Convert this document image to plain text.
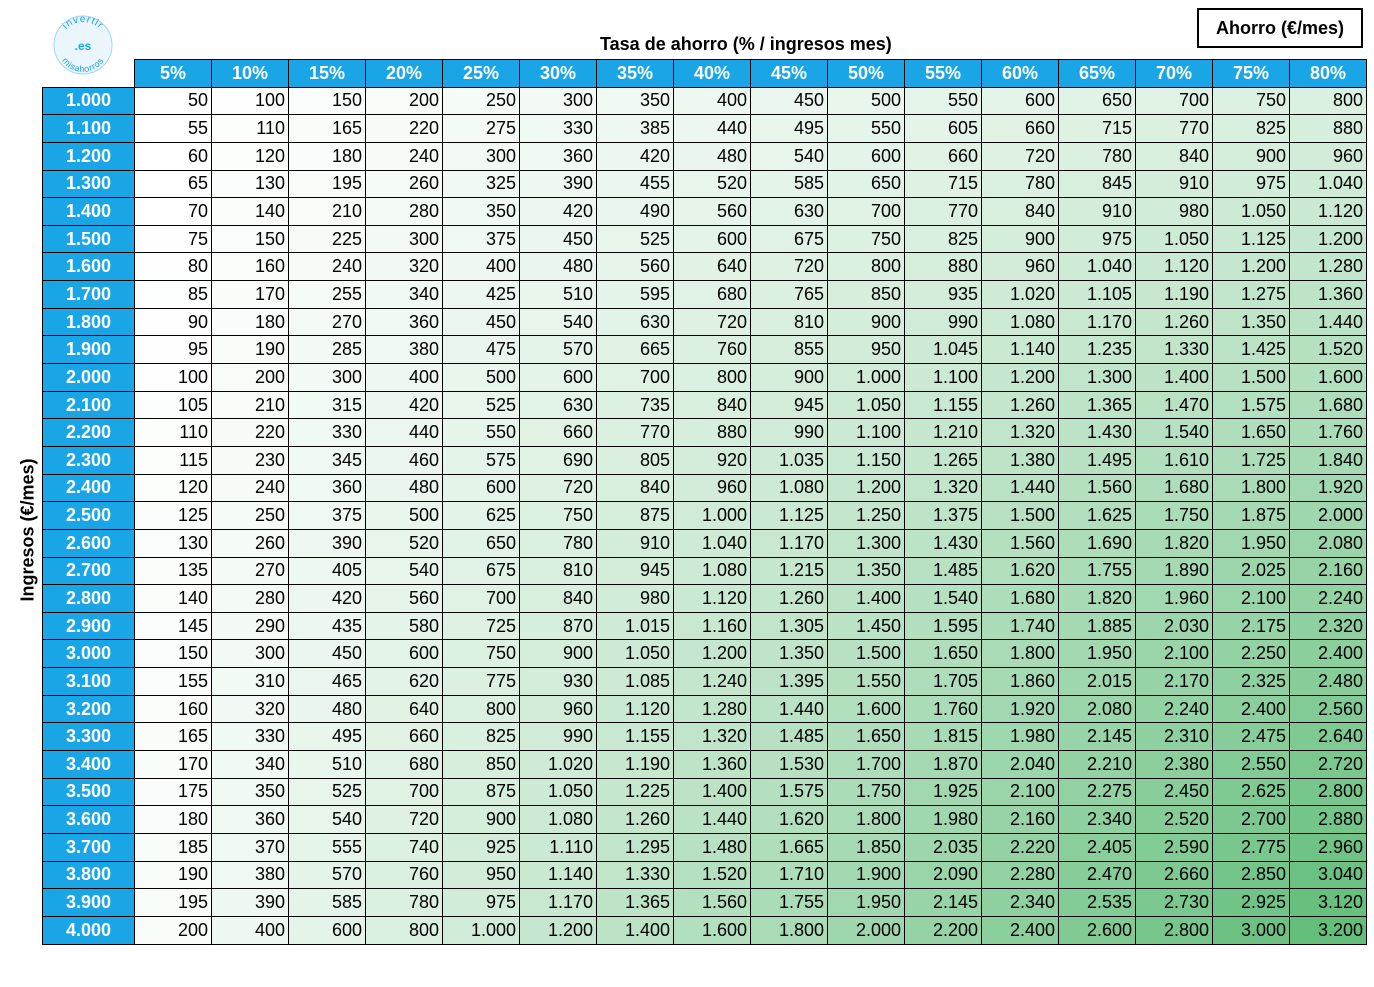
invertir
.es
misahorros
Tasa de ahorro (% / ingresos mes)
Ahorro (€/mes)
Ingresos (€/mes)
	5%	10%	15%	20%	25%	30%	35%	40%	45%	50%	55%	60%	65%	70%	75%	80%
1.000	50	100	150	200	250	300	350	400	450	500	550	600	650	700	750	800
1.100	55	110	165	220	275	330	385	440	495	550	605	660	715	770	825	880
1.200	60	120	180	240	300	360	420	480	540	600	660	720	780	840	900	960
1.300	65	130	195	260	325	390	455	520	585	650	715	780	845	910	975	1.040
1.400	70	140	210	280	350	420	490	560	630	700	770	840	910	980	1.050	1.120
1.500	75	150	225	300	375	450	525	600	675	750	825	900	975	1.050	1.125	1.200
1.600	80	160	240	320	400	480	560	640	720	800	880	960	1.040	1.120	1.200	1.280
1.700	85	170	255	340	425	510	595	680	765	850	935	1.020	1.105	1.190	1.275	1.360
1.800	90	180	270	360	450	540	630	720	810	900	990	1.080	1.170	1.260	1.350	1.440
1.900	95	190	285	380	475	570	665	760	855	950	1.045	1.140	1.235	1.330	1.425	1.520
2.000	100	200	300	400	500	600	700	800	900	1.000	1.100	1.200	1.300	1.400	1.500	1.600
2.100	105	210	315	420	525	630	735	840	945	1.050	1.155	1.260	1.365	1.470	1.575	1.680
2.200	110	220	330	440	550	660	770	880	990	1.100	1.210	1.320	1.430	1.540	1.650	1.760
2.300	115	230	345	460	575	690	805	920	1.035	1.150	1.265	1.380	1.495	1.610	1.725	1.840
2.400	120	240	360	480	600	720	840	960	1.080	1.200	1.320	1.440	1.560	1.680	1.800	1.920
2.500	125	250	375	500	625	750	875	1.000	1.125	1.250	1.375	1.500	1.625	1.750	1.875	2.000
2.600	130	260	390	520	650	780	910	1.040	1.170	1.300	1.430	1.560	1.690	1.820	1.950	2.080
2.700	135	270	405	540	675	810	945	1.080	1.215	1.350	1.485	1.620	1.755	1.890	2.025	2.160
2.800	140	280	420	560	700	840	980	1.120	1.260	1.400	1.540	1.680	1.820	1.960	2.100	2.240
2.900	145	290	435	580	725	870	1.015	1.160	1.305	1.450	1.595	1.740	1.885	2.030	2.175	2.320
3.000	150	300	450	600	750	900	1.050	1.200	1.350	1.500	1.650	1.800	1.950	2.100	2.250	2.400
3.100	155	310	465	620	775	930	1.085	1.240	1.395	1.550	1.705	1.860	2.015	2.170	2.325	2.480
3.200	160	320	480	640	800	960	1.120	1.280	1.440	1.600	1.760	1.920	2.080	2.240	2.400	2.560
3.300	165	330	495	660	825	990	1.155	1.320	1.485	1.650	1.815	1.980	2.145	2.310	2.475	2.640
3.400	170	340	510	680	850	1.020	1.190	1.360	1.530	1.700	1.870	2.040	2.210	2.380	2.550	2.720
3.500	175	350	525	700	875	1.050	1.225	1.400	1.575	1.750	1.925	2.100	2.275	2.450	2.625	2.800
3.600	180	360	540	720	900	1.080	1.260	1.440	1.620	1.800	1.980	2.160	2.340	2.520	2.700	2.880
3.700	185	370	555	740	925	1.110	1.295	1.480	1.665	1.850	2.035	2.220	2.405	2.590	2.775	2.960
3.800	190	380	570	760	950	1.140	1.330	1.520	1.710	1.900	2.090	2.280	2.470	2.660	2.850	3.040
3.900	195	390	585	780	975	1.170	1.365	1.560	1.755	1.950	2.145	2.340	2.535	2.730	2.925	3.120
4.000	200	400	600	800	1.000	1.200	1.400	1.600	1.800	2.000	2.200	2.400	2.600	2.800	3.000	3.200
